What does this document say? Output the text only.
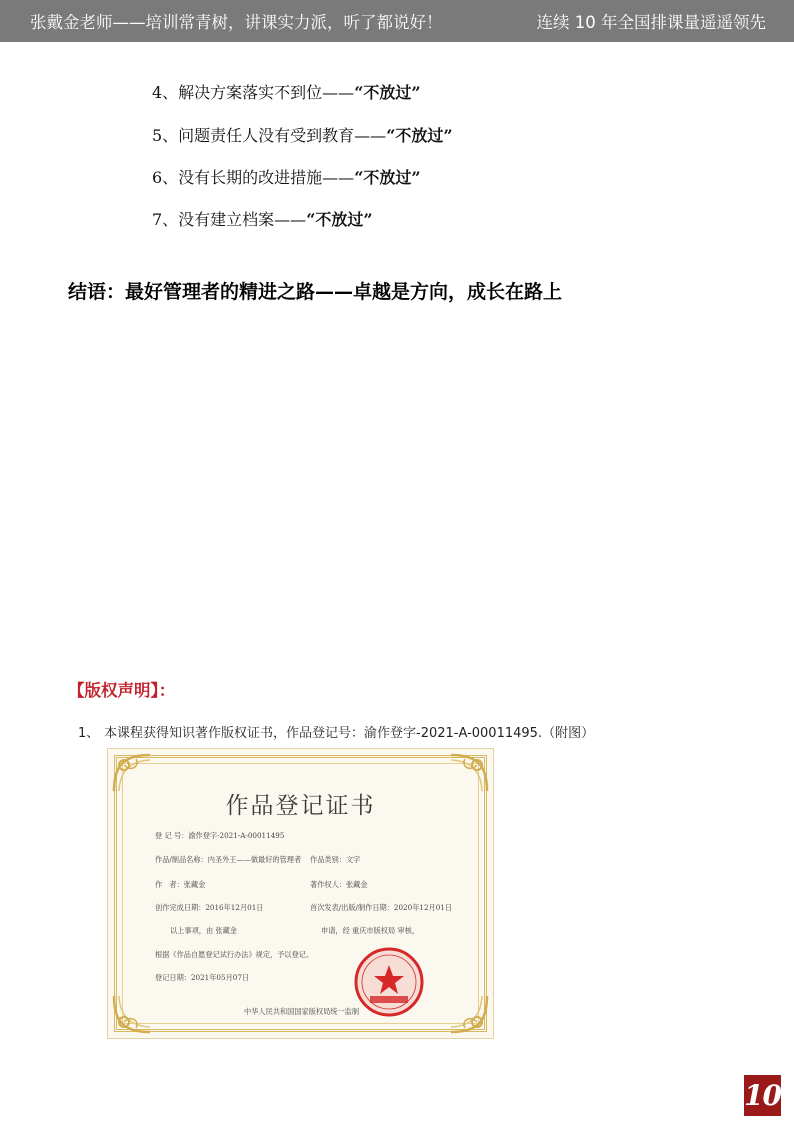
张戴金老师——培训常青树，讲课实力派，听了都说好！	连续 10 年全国排课量遥遥领先
4、解决方案落实不到位——“不放过”
5、问题责任人没有受到教育——“不放过”
6、没有长期的改进措施——“不放过”
7、没有建立档案——“不放过”
结语：最好管理者的精进之路——卓越是方向，成长在路上
【版权声明】：
1、 本课程获得知识著作版权证书，作品登记号：渝作登字-2021-A-00011495.（附图）
作品登记证书
登 记 号：渝作登字-2021-A-00011495
作品/制品名称：内圣外王——做最好的管理者 作品类别：文字
作　者：张藏金	著作权人：张藏金
创作完成日期：2016年12月01日	首次发表/出版/制作日期：2020年12月01日
以上事项，由 张藏金	申请，经 重庆市版权局 审核，
根据《作品自愿登记试行办法》规定，予以登记。
登记日期：2021年05月07日
中华人民共和国国家版权局统一监制
10
